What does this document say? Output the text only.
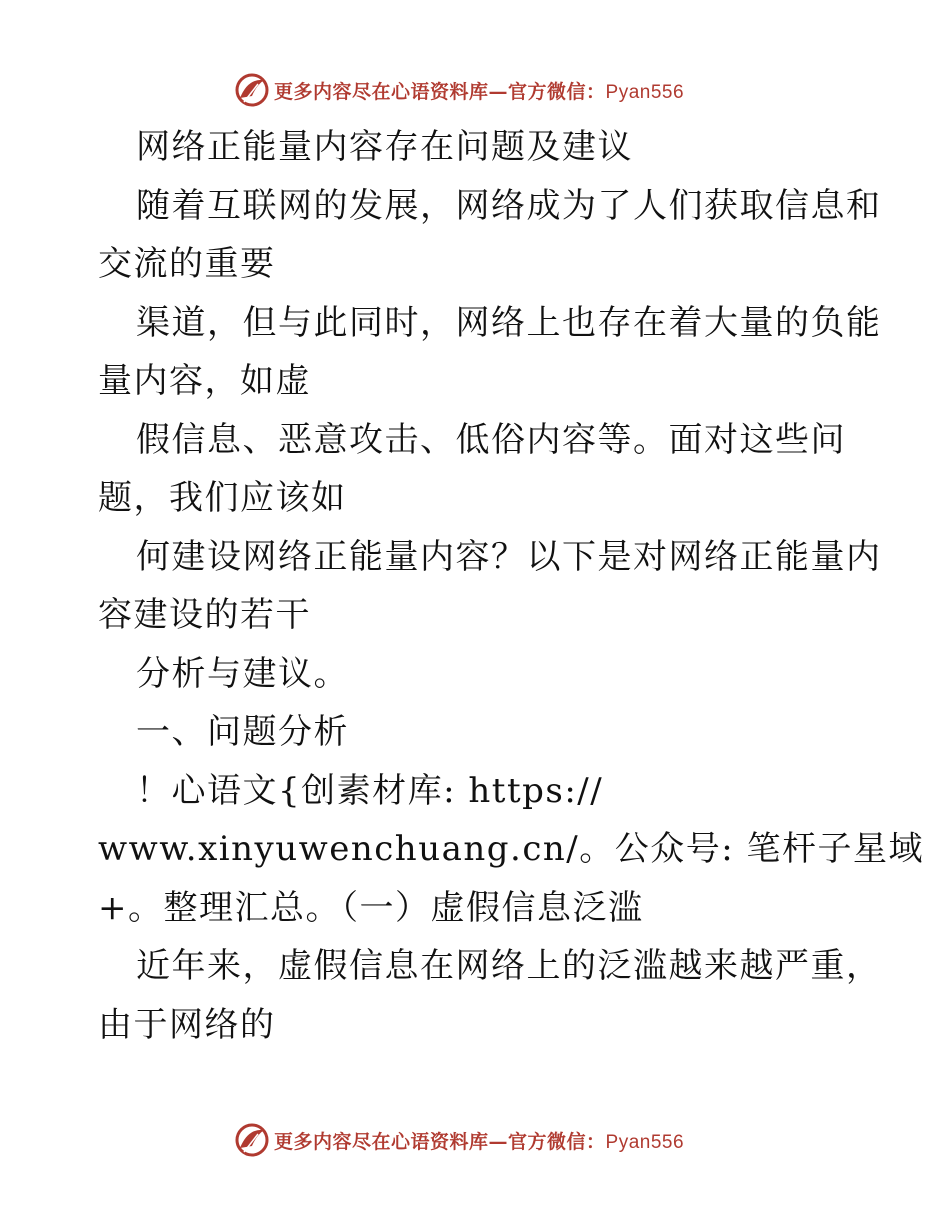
更多内容尽在心语资料库—官方微信：Pyan556
网络正能量内容存在问题及建议
随着互联网的发展，网络成为了人们获取信息和
交流的重要
渠道，但与此同时，网络上也存在着大量的负能
量内容，如虚
假信息、恶意攻击、低俗内容等。面对这些问
题，我们应该如
何建设网络正能量内容？以下是对网络正能量内
容建设的若干
分析与建议。
一、问题分析
！心语文{创素材库: https://
www.xinyuwenchuang.cn/。公众号: 笔杆子星域
+。整理汇总。（一）虚假信息泛滥
近年来，虚假信息在网络上的泛滥越来越严重，
由于网络的
更多内容尽在心语资料库—官方微信：Pyan556
